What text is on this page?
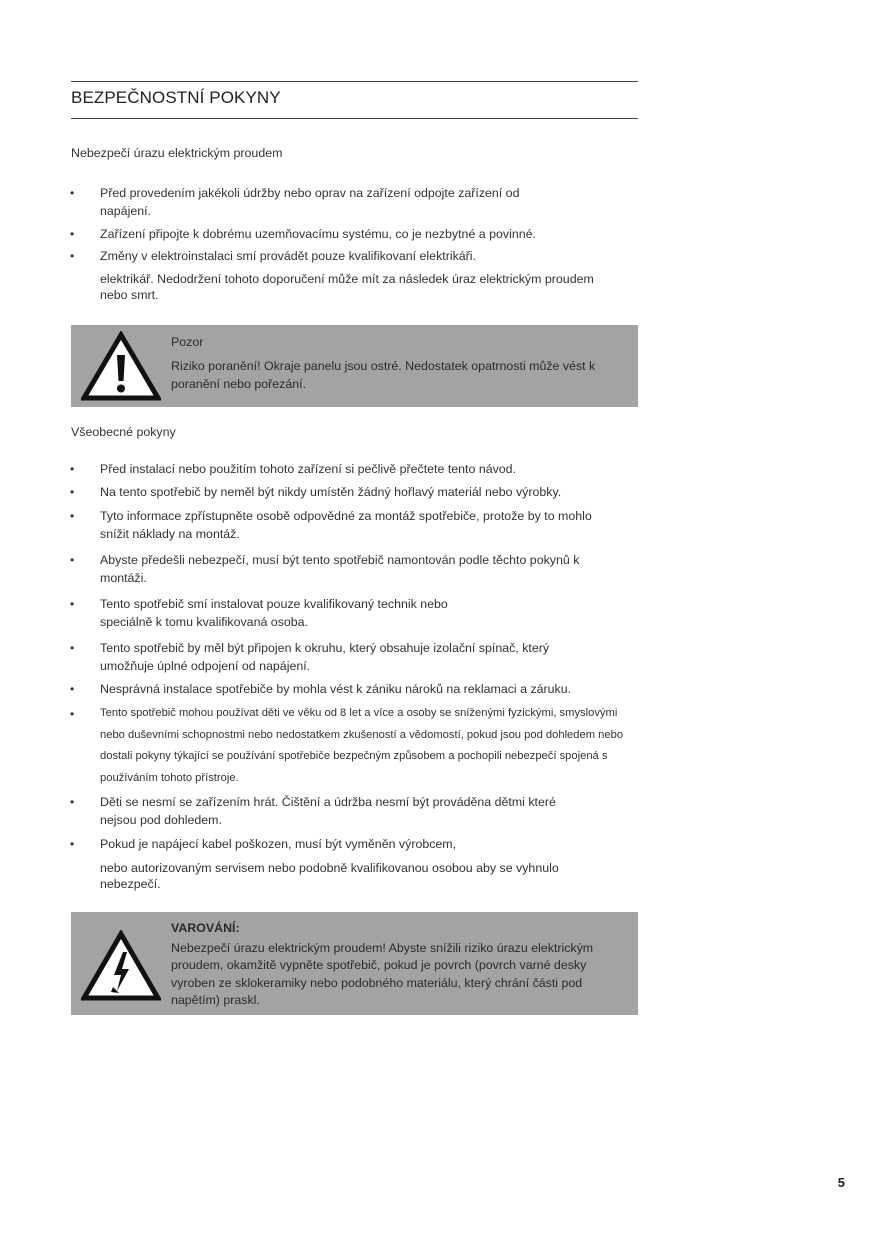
BEZPEČNOSTNÍ POKYNY
Nebezpečí úrazu elektrickým proudem
• Před provedením jakékoli údržby nebo oprav na zařízení odpojte zařízení od napájení.
• Zařízení připojte k dobrému uzemňovacímu systému, co je nezbytné a povinné.
• Změny v elektroinstalaci smí provádět pouze kvalifikovaní elektrikáři.
elektrikář. Nedodržení tohoto doporučení může mít za následek úraz elektrickým proudem nebo smrt.
Pozor
Riziko poranění! Okraje panelu jsou ostré. Nedostatek opatrnosti může vést k poranění nebo pořezání.
Všeobecné pokyny
• Před instalací nebo použitím tohoto zařízení si pečlivě přečtete tento návod.
• Na tento spotřebič by neměl být nikdy umístěn žádný hořlavý materiál nebo výrobky.
• Tyto informace zpřístupněte osobě odpovědné za montáž spotřebiče, protože by to mohlo snížit náklady na montáž.
• Abyste předešli nebezpečí, musí být tento spotřebič namontován podle těchto pokynů k montáži.
• Tento spotřebič smí instalovat pouze kvalifikovaný technik nebo speciálně k tomu kvalifikovaná osoba.
• Tento spotřebič by měl být připojen k okruhu, který obsahuje izolační spínač, který umožňuje úplné odpojení od napájení.
• Nesprávná instalace spotřebiče by mohla vést k zániku nároků na reklamaci a záruku.
• Tento spotřebič mohou používat děti ve věku od 8 let a více a osoby se sníženými fyzickými, smyslovými nebo duševními schopnostmi nebo nedostatkem zkušeností a vědomostí, pokud jsou pod dohledem nebo dostali pokyny týkající se používání spotřebiče bezpečným způsobem a pochopili nebezpečí spojená s používáním tohoto přístroje.
• Děti se nesmí se zařízením hrát. Čištění a údržba nesmí být prováděna dětmi které nejsou pod dohledem.
• Pokud je napájecí kabel poškozen, musí být vyměněn výrobcem,
nebo autorizovaným servisem nebo podobně kvalifikovanou osobou aby se vyhnulo nebezpečí.
VAROVÁNÍ:
Nebezpečí úrazu elektrickým proudem! Abyste snížili riziko úrazu elektrickým proudem, okamžitě vypněte spotřebič, pokud je povrch (povrch varné desky vyroben ze sklokeramiky nebo podobného materiálu, který chrání části pod napětím) praskl.
5
